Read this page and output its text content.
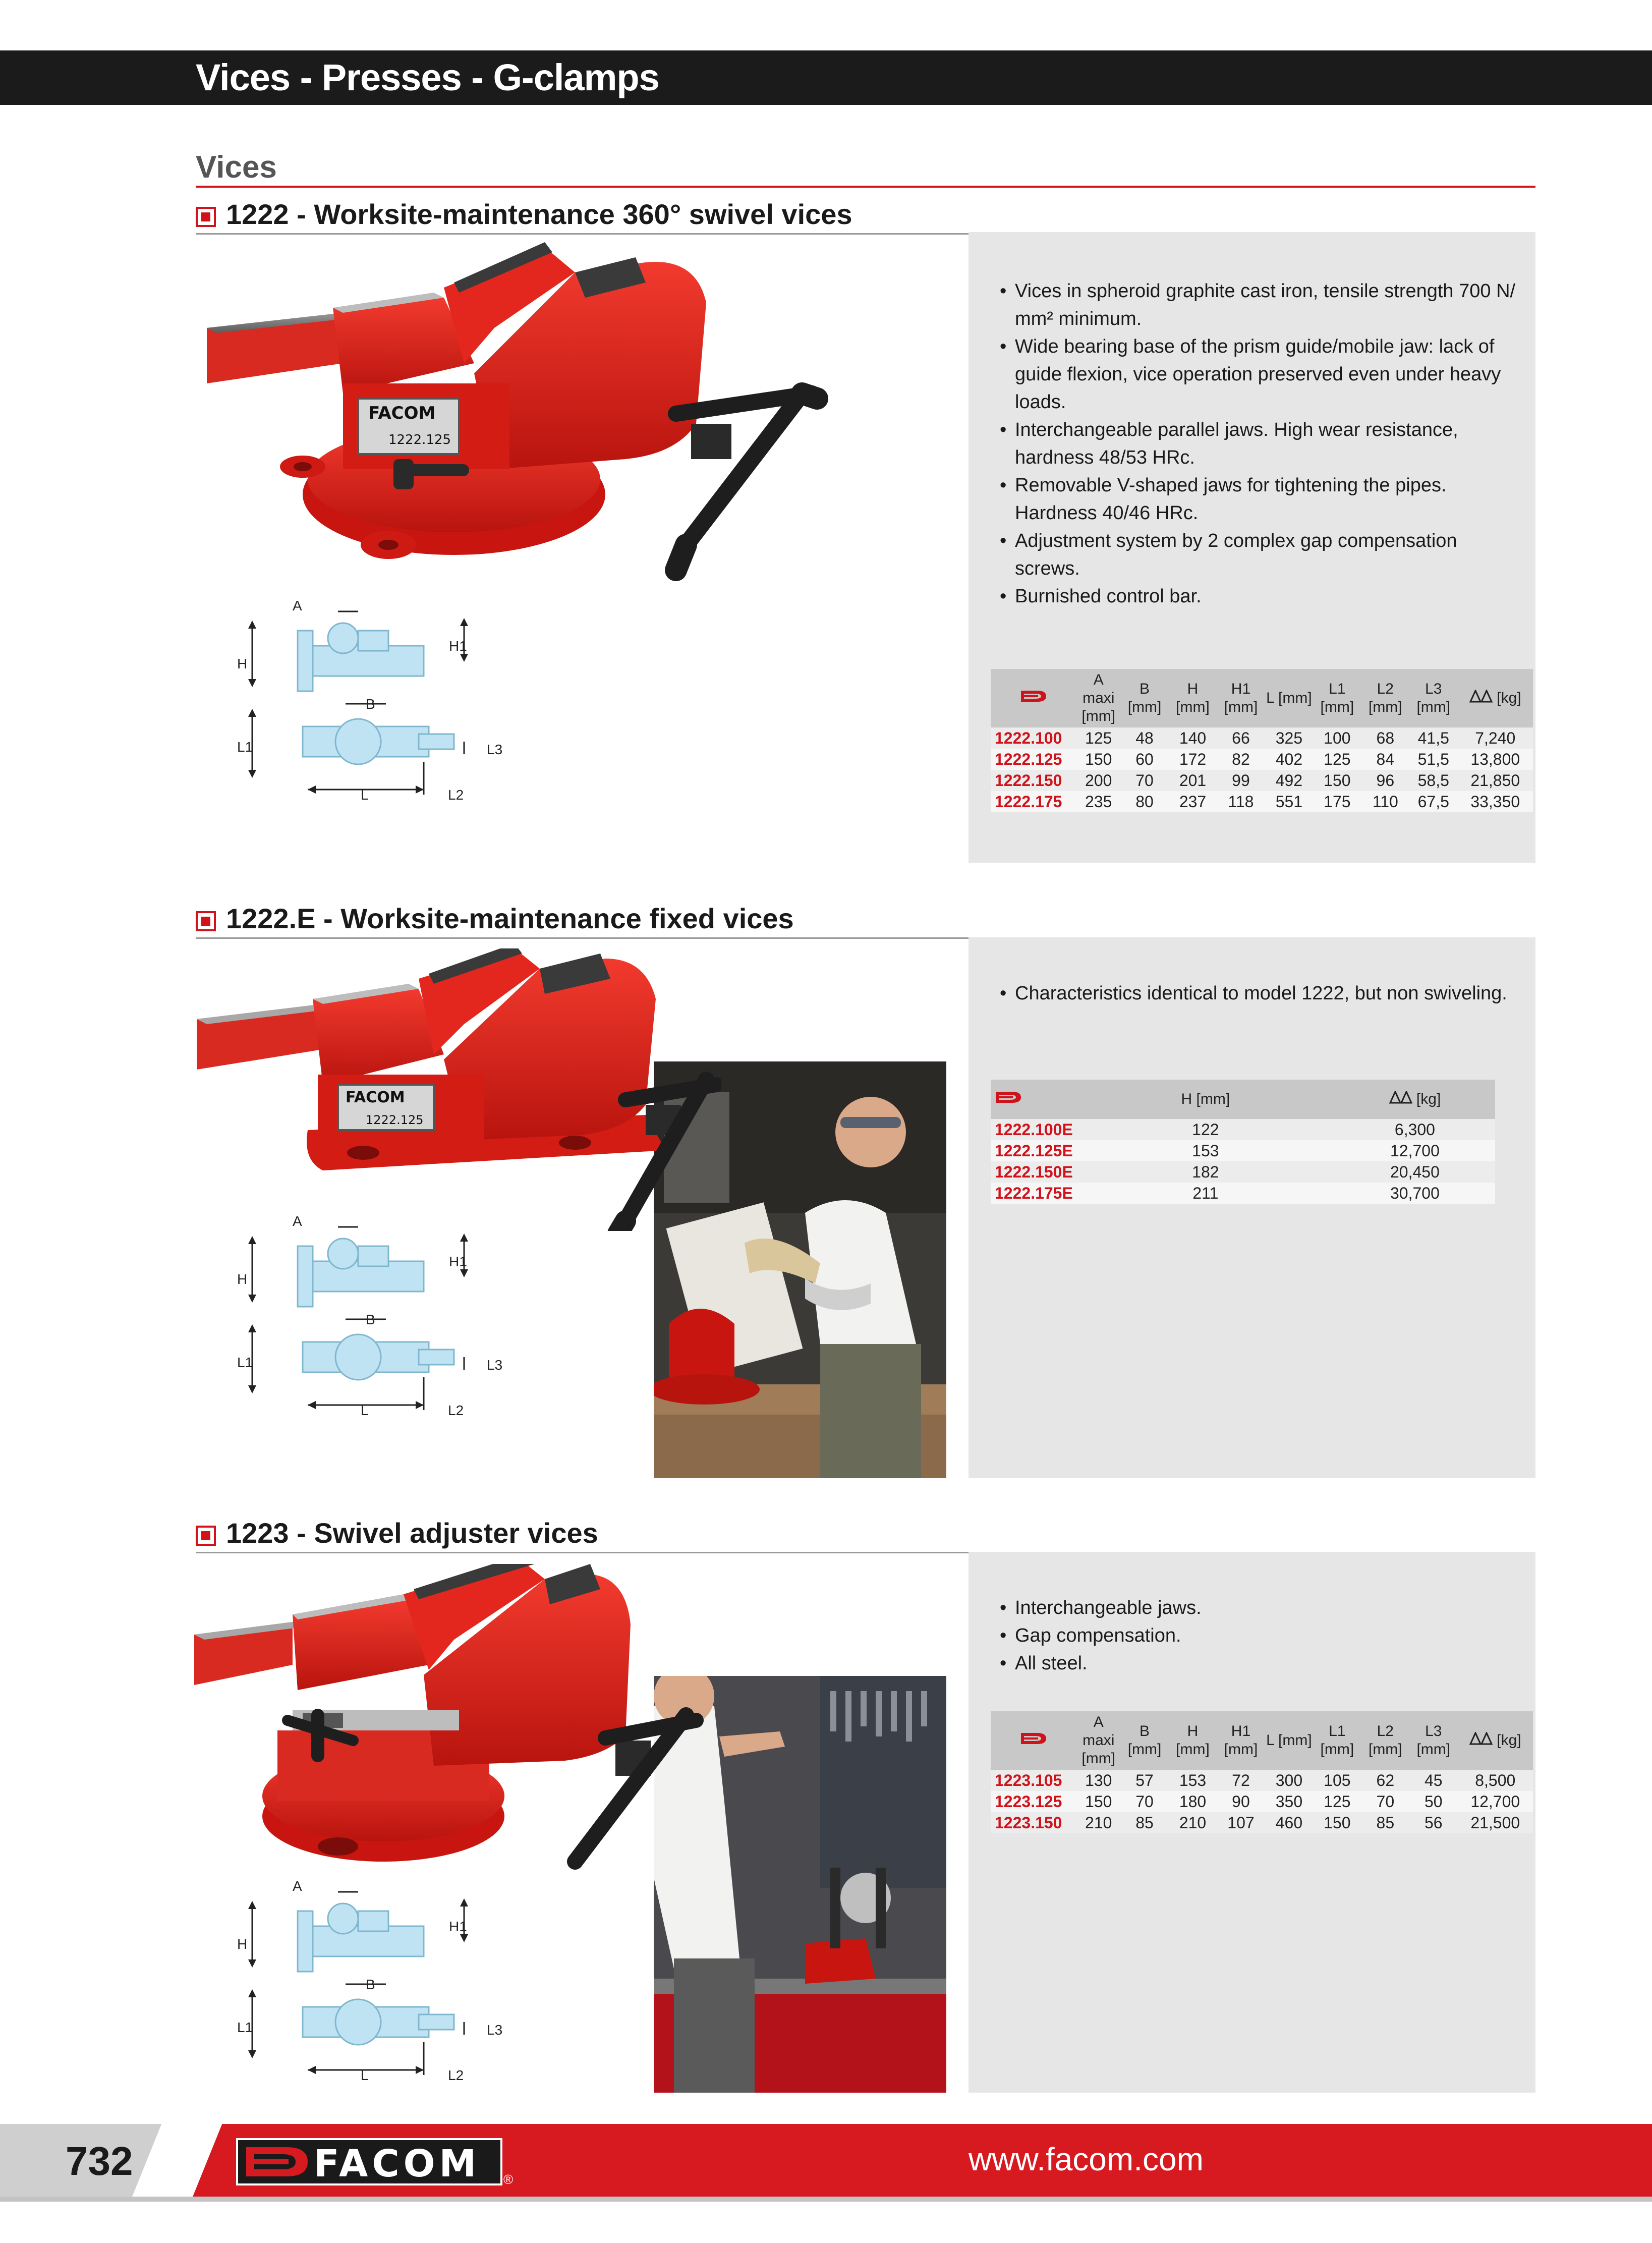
Vices - Presses - G-clamps
Vices
1222 - Worksite-maintenance 360° swivel vices
FACOM
1222.125
A
H
H1
B
L1	L3
L	L2
• Vices in spheroid graphite cast iron, tensile strength 700 N/ mm² minimum.
• Wide bearing base of the prism guide/mobile jaw: lack of guide flexion, vice operation preserved even under heavy loads.
• Interchangeable parallel jaws. High wear resistance, hardness 48/53 HRc.
• Removable V-shaped jaws for tightening the pipes. Hardness 40/46 HRc.
• Adjustment system by 2 complex gap compensation screws.
• Burnished control bar.
	A maxi [mm]	B [mm]	H [mm]	H1 [mm]	L [mm]	L1 [mm]	L2 [mm]	L3 [mm]	[kg]
1222.100	125	48	140	66	325	100	68	41,5	7,240
1222.125	150	60	172	82	402	125	84	51,5	13,800
1222.150	200	70	201	99	492	150	96	58,5	21,850
1222.175	235	80	237	118	551	175	110	67,5	33,350
1222.E - Worksite-maintenance fixed vices
FACOM
1222.125
A
H
H1
B
L1	L3
L	L2
• Characteristics identical to model 1222, but non swiveling.
	H [mm]	[kg]
1222.100E	122	6,300
1222.125E	153	12,700
1222.150E	182	20,450
1222.175E	211	30,700
1223 - Swivel adjuster vices
A
H
H1
B
L1	L3
L	L2
• Interchangeable jaws.
• Gap compensation.
• All steel.
	A maxi [mm]	B [mm]	H [mm]	H1 [mm]	L [mm]	L1 [mm]	L2 [mm]	L3 [mm]	[kg]
1223.105	130	57	153	72	300	105	62	45	8,500
1223.125	150	70	180	90	350	125	70	50	12,700
1223.150	210	85	210	107	460	150	85	56	21,500
732	FACOM ®
www.facom.com
